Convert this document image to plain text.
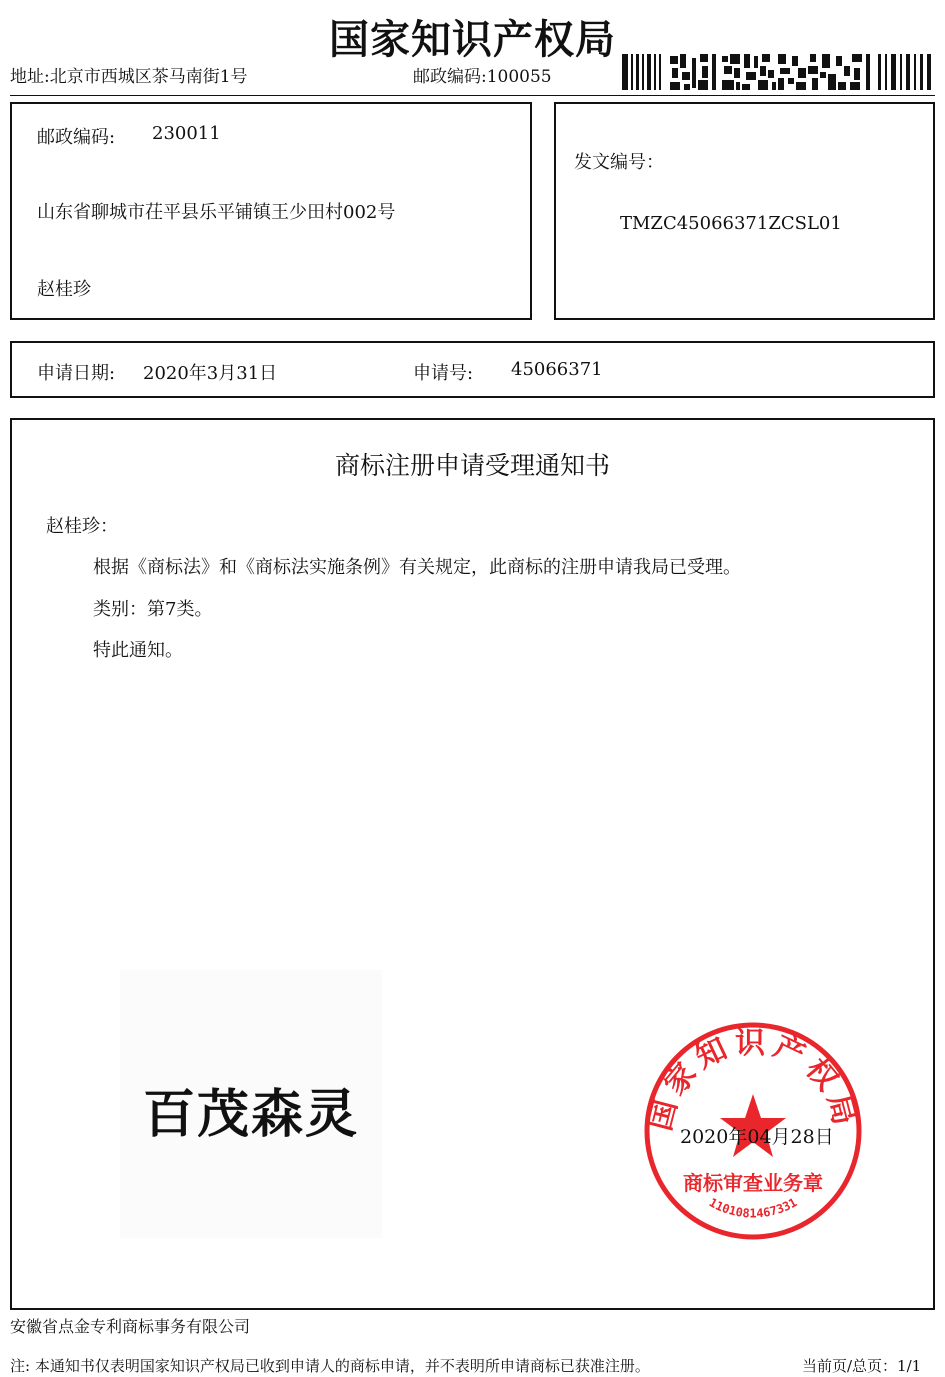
国家知识产权局
地址:北京市西城区茶马南街1号	邮政编码:100055
邮政编码: 230011
山东省聊城市茌平县乐平铺镇王少田村002号
赵桂珍
发文编号：
TMZC45066371ZCSL01
申请日期: 2020年3月31日	申请号: 45066371
商标注册申请受理通知书
赵桂珍：
根据《商标法》和《商标法实施条例》有关规定，此商标的注册申请我局已受理。
类别：第7类。
特此通知。
百茂森灵	国家知识产权局
商标审查业务章
1101081467331
2020年04月28日
安徽省点金专利商标事务有限公司
注: 本通知书仅表明国家知识产权局已收到申请人的商标申请，并不表明所申请商标已获准注册。	当前页/总页：1/1
